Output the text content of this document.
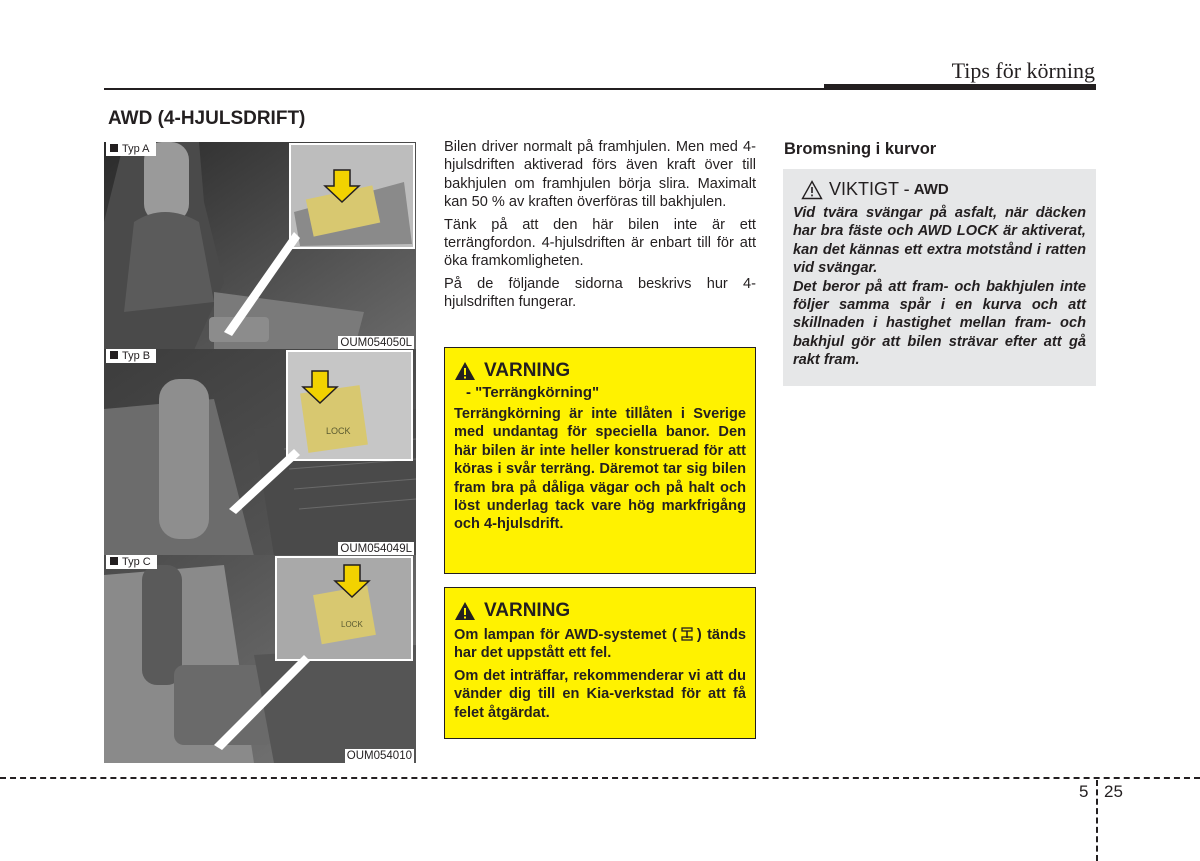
Tips för körning
AWD (4-HJULSDRIFT)
Typ A
OUM054050L
LOCK
Typ B
OUM054049L
LOCK
Typ C
OUM054010

Bilen driver normalt på framhjulen. Men med 4-hjulsdriften aktiverad förs även kraft över till bakhjulen om framhjulen börja slira. Maximalt kan 50 % av kraften överföras till bakhjulen.

Tänk på att den här bilen inte är ett terrängfordon. 4-hjulsdriften är enbart till för att öka framkomligheten.

På de följande sidorna beskrivs hur 4-hjulsdriften fungerar.

VARNING
- "Terrängkörning"

Terrängkörning är inte tillåten i Sverige med undantag för speciella banor. Den här bilen är inte heller konstruerad för att köras i svår terräng. Däremot tar sig bilen fram bra på dåliga vägar och på halt och löst underlag tack vare hög markfrigång och 4-hjulsdrift.

VARNING

Om lampan för AWD-systemet ( ) tänds har det uppstått ett fel.

Om det inträffar, rekommenderar vi att du vänder dig till en Kia-verkstad för att få felet åtgärdat.

Bromsning i kurvor
VIKTIGT - AWD

Vid tvära svängar på asfalt, när däcken har bra fäste och AWD LOCK är aktiverat, kan det kännas ett extra motstånd i ratten vid svängar.

Det beror på att fram- och bakhjulen inte följer samma spår i en kurva och att skillnaden i hastighet mellan fram- och bakhjul gör att bilen strävar efter att gå rakt fram.

5 25
